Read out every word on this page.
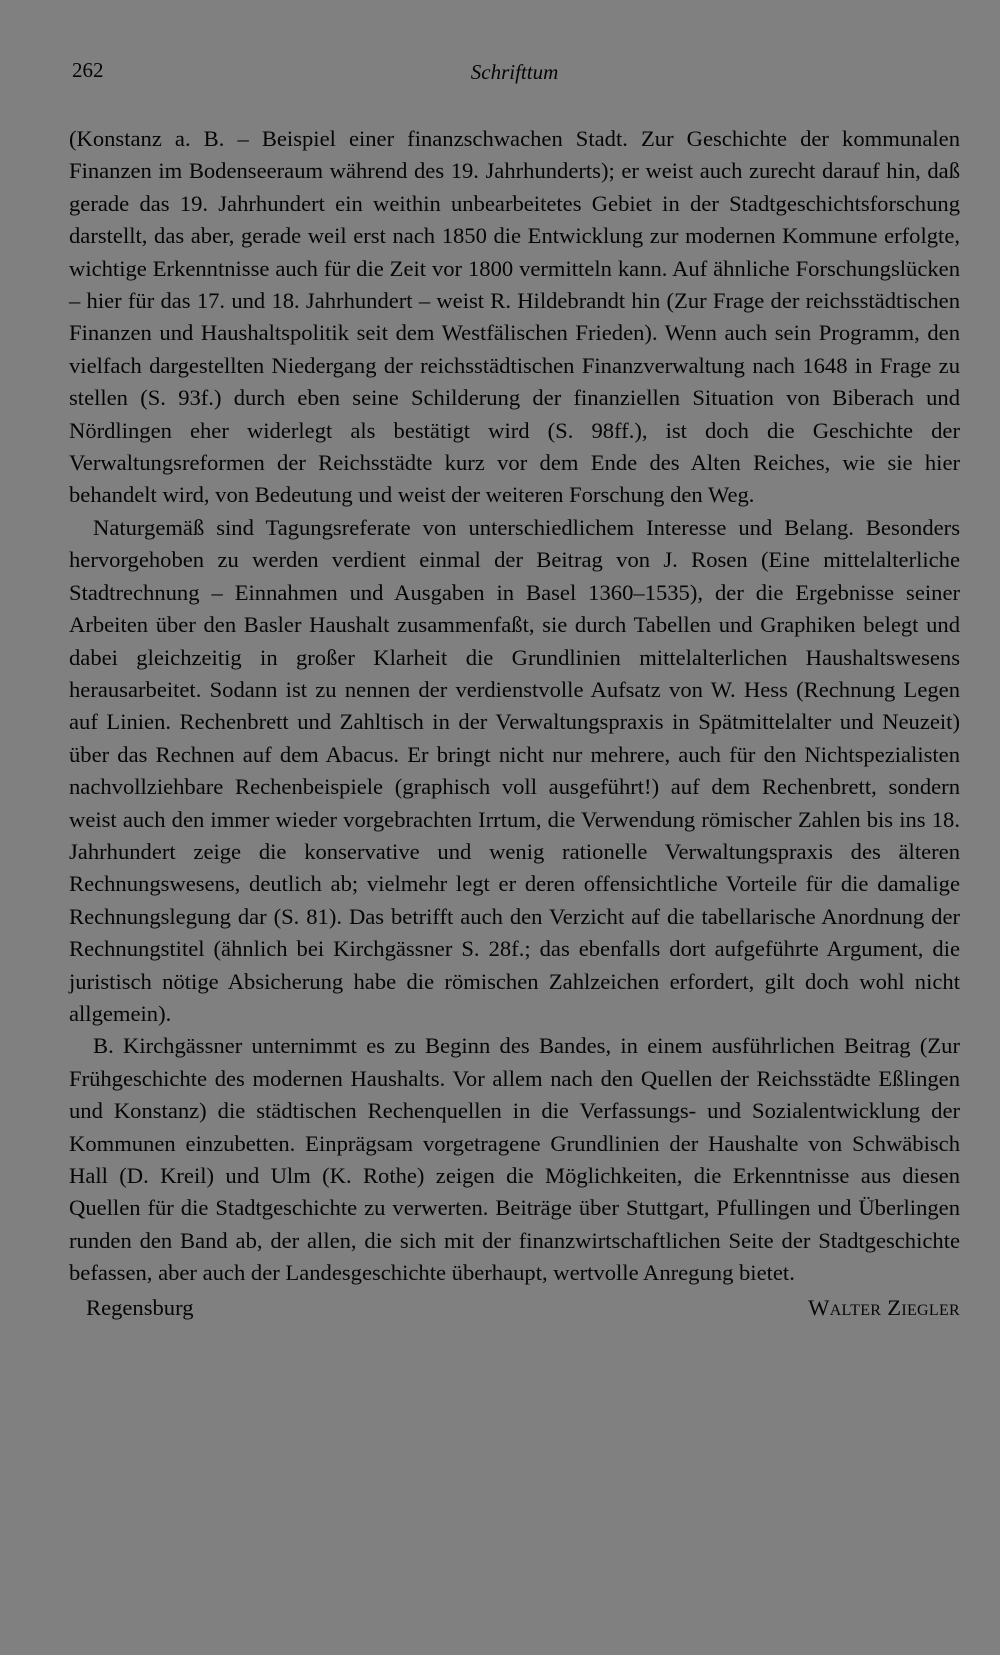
262	Schrifttum

(Konstanz a. B. – Beispiel einer finanzschwachen Stadt. Zur Geschichte der kommunalen Finanzen im Bodenseeraum während des 19. Jahrhunderts); er weist auch zurecht darauf hin, daß gerade das 19. Jahrhundert ein weithin unbearbeitetes Gebiet in der Stadtgeschichtsforschung darstellt, das aber, gerade weil erst nach 1850 die Entwicklung zur modernen Kommune erfolgte, wichtige Erkenntnisse auch für die Zeit vor 1800 vermitteln kann. Auf ähnliche Forschungslücken – hier für das 17. und 18. Jahrhundert – weist R. Hildebrandt hin (Zur Frage der reichsstädtischen Finanzen und Haushaltspolitik seit dem Westfälischen Frieden). Wenn auch sein Programm, den vielfach dargestellten Niedergang der reichsstädtischen Finanzverwaltung nach 1648 in Frage zu stellen (S. 93f.) durch eben seine Schilderung der finanziellen Situation von Biberach und Nördlingen eher widerlegt als bestätigt wird (S. 98ff.), ist doch die Geschichte der Verwaltungsreformen der Reichsstädte kurz vor dem Ende des Alten Reiches, wie sie hier behandelt wird, von Bedeutung und weist der weiteren Forschung den Weg.

Naturgemäß sind Tagungsreferate von unterschiedlichem Interesse und Belang. Besonders hervorgehoben zu werden verdient einmal der Beitrag von J. Rosen (Eine mittelalterliche Stadtrechnung – Einnahmen und Ausgaben in Basel 1360–1535), der die Ergebnisse seiner Arbeiten über den Basler Haushalt zusammenfaßt, sie durch Tabellen und Graphiken belegt und dabei gleichzeitig in großer Klarheit die Grundlinien mittelalterlichen Haushaltswesens herausarbeitet. Sodann ist zu nennen der verdienstvolle Aufsatz von W. Hess (Rechnung Legen auf Linien. Rechenbrett und Zahltisch in der Verwaltungspraxis in Spätmittelalter und Neuzeit) über das Rechnen auf dem Abacus. Er bringt nicht nur mehrere, auch für den Nichtspezialisten nachvollziehbare Rechenbeispiele (graphisch voll ausgeführt!) auf dem Rechenbrett, sondern weist auch den immer wieder vorgebrachten Irrtum, die Verwendung römischer Zahlen bis ins 18. Jahrhundert zeige die konservative und wenig rationelle Verwaltungspraxis des älteren Rechnungswesens, deutlich ab; vielmehr legt er deren offensichtliche Vorteile für die damalige Rechnungslegung dar (S. 81). Das betrifft auch den Verzicht auf die tabellarische Anordnung der Rechnungstitel (ähnlich bei Kirchgässner S. 28f.; das ebenfalls dort aufgeführte Argument, die juristisch nötige Absicherung habe die römischen Zahlzeichen erfordert, gilt doch wohl nicht allgemein).

B. Kirchgässner unternimmt es zu Beginn des Bandes, in einem ausführlichen Beitrag (Zur Frühgeschichte des modernen Haushalts. Vor allem nach den Quellen der Reichsstädte Eßlingen und Konstanz) die städtischen Rechenquellen in die Verfassungs- und Sozialentwicklung der Kommunen einzubetten. Einprägsam vorgetragene Grundlinien der Haushalte von Schwäbisch Hall (D. Kreil) und Ulm (K. Rothe) zeigen die Möglichkeiten, die Erkenntnisse aus diesen Quellen für die Stadtgeschichte zu verwerten. Beiträge über Stuttgart, Pfullingen und Überlingen runden den Band ab, der allen, die sich mit der finanzwirtschaftlichen Seite der Stadtgeschichte befassen, aber auch der Landesgeschichte überhaupt, wertvolle Anregung bietet.

Regensburg	Walter Ziegler
